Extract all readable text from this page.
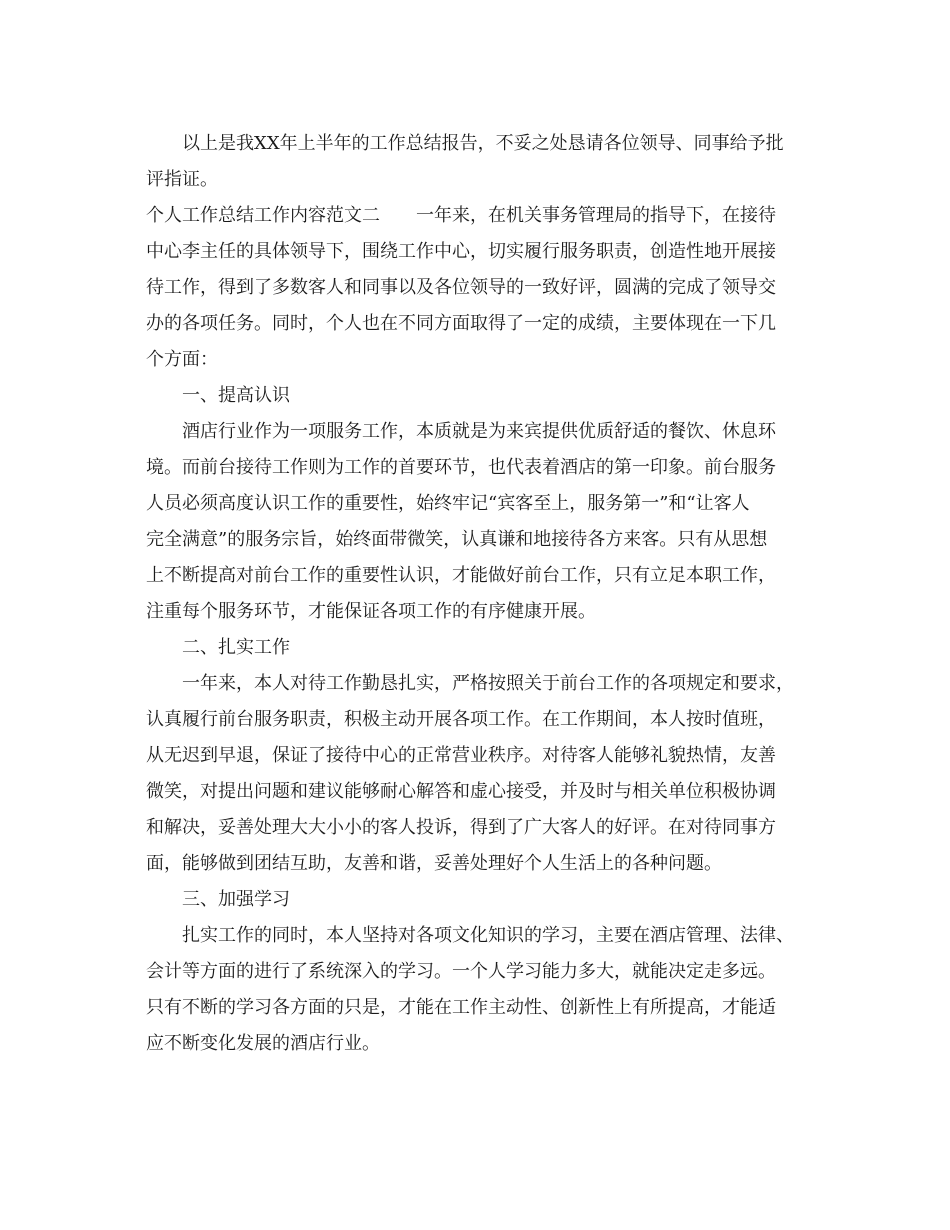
以上是我XX年上半年的工作总结报告，不妥之处恳请各位领导、同事给予批
评指证。
个人工作总结工作内容范文二　　一年来，在机关事务管理局的指导下，在接待
中心李主任的具体领导下，围绕工作中心，切实履行服务职责，创造性地开展接
待工作，得到了多数客人和同事以及各位领导的一致好评，圆满的完成了领导交
办的各项任务。同时，个人也在不同方面取得了一定的成绩，主要体现在一下几
个方面：
一、提高认识
酒店行业作为一项服务工作，本质就是为来宾提供优质舒适的餐饮、休息环
境。而前台接待工作则为工作的首要环节，也代表着酒店的第一印象。前台服务
人员必须高度认识工作的重要性，始终牢记“宾客至上，服务第一”和“让客人
完全满意”的服务宗旨，始终面带微笑，认真谦和地接待各方来客。只有从思想
上不断提高对前台工作的重要性认识，才能做好前台工作，只有立足本职工作，
注重每个服务环节，才能保证各项工作的有序健康开展。
二、扎实工作
一年来，本人对待工作勤恳扎实，严格按照关于前台工作的各项规定和要求，
认真履行前台服务职责，积极主动开展各项工作。在工作期间，本人按时值班，
从无迟到早退，保证了接待中心的正常营业秩序。对待客人能够礼貌热情，友善
微笑，对提出问题和建议能够耐心解答和虚心接受，并及时与相关单位积极协调
和解决，妥善处理大大小小的客人投诉，得到了广大客人的好评。在对待同事方
面，能够做到团结互助，友善和谐，妥善处理好个人生活上的各种问题。
三、加强学习
扎实工作的同时，本人坚持对各项文化知识的学习，主要在酒店管理、法律、
会计等方面的进行了系统深入的学习。一个人学习能力多大，就能决定走多远。
只有不断的学习各方面的只是，才能在工作主动性、创新性上有所提高，才能适
应不断变化发展的酒店行业。
